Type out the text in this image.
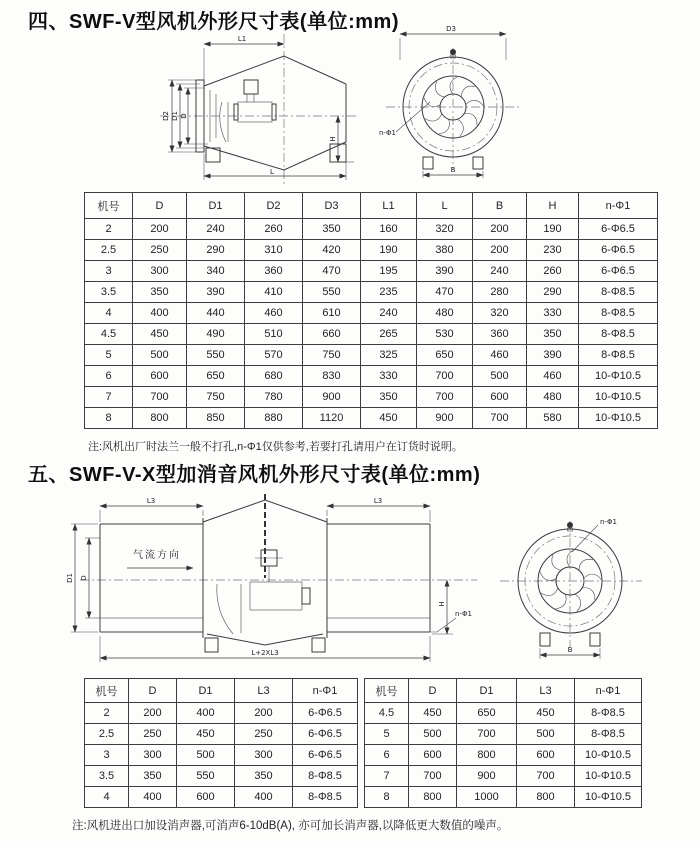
四、SWF-V型风机外形尺寸表(单位:mm)
L1
D2 D1 D
H
L
D3
n-Φ1
B
机号	D	D1	D2	D3	L1	L	B	H	n-Φ1
2	200	240	260	350	160	320	200	190	6-Φ6.5
2.5	250	290	310	420	190	380	200	230	6-Φ6.5
3	300	340	360	470	195	390	240	260	6-Φ6.5
3.5	350	390	410	550	235	470	280	290	8-Φ8.5
4	400	440	460	610	240	480	320	330	8-Φ8.5
4.5	450	490	510	660	265	530	360	350	8-Φ8.5
5	500	550	570	750	325	650	460	390	8-Φ8.5
6	600	650	680	830	330	700	500	460	10-Φ10.5
7	700	750	780	900	350	700	600	480	10-Φ10.5
8	800	850	880	1120	450	900	700	580	10-Φ10.5

注:风机出厂时法兰一般不打孔,n-Φ1仅供参考,若要打孔请用户在订货时说明。

五、SWF-V-X型加消音风机外形尺寸表(单位:mm)
气流方向
L3	L3
D1 D
H
n-Φ1
L+2XL3
n-Φ1
B
机号	D	D1	L3	n-Φ1
2	200	400	200	6-Φ6.5
2.5	250	450	250	6-Φ6.5
3	300	500	300	6-Φ6.5
3.5	350	550	350	8-Φ8.5
4	400	600	400	8-Φ8.5
机号	D	D1	L3	n-Φ1
4.5	450	650	450	8-Φ8.5
5	500	700	500	8-Φ8.5
6	600	800	600	10-Φ10.5
7	700	900	700	10-Φ10.5
8	800	1000	800	10-Φ10.5

注:风机进出口加设消声器,可消声6-10dB(A), 亦可加长消声器,以降低更大数值的噪声。
